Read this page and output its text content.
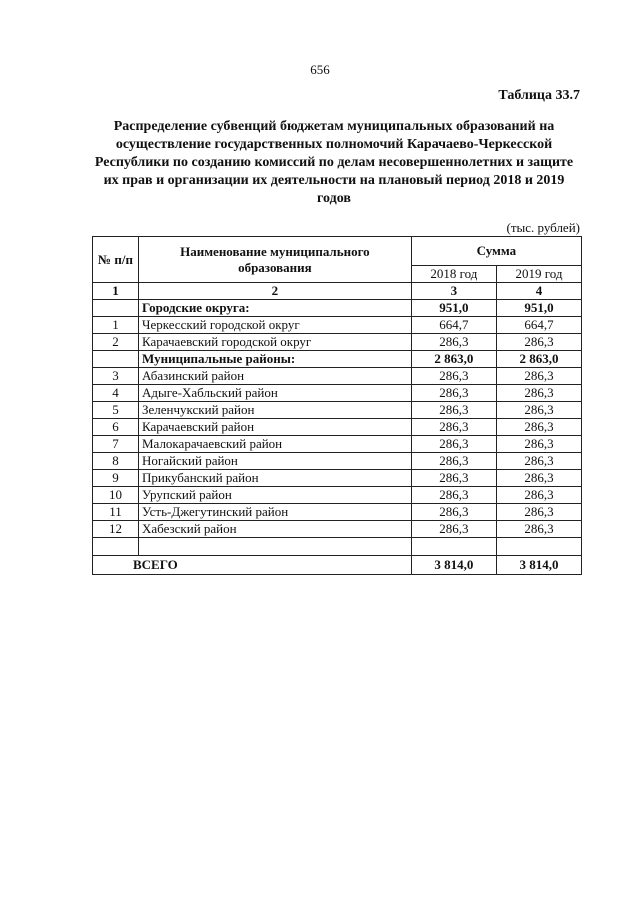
656
Таблица 33.7
Распределение субвенций бюджетам муниципальных образований на осуществление государственных полномочий Карачаево-Черкесской Республики по созданию комиссий по делам несовершеннолетних и защите их прав и организации их деятельности на плановый период 2018 и 2019 годов
(тыс. рублей)
№ п/п	Наименование муниципального образования	Сумма	
		2018 год	2019 год
1	2	3	4
	Городские округа:	951,0	951,0
1	Черкесский городской округ	664,7	664,7
2	Карачаевский городской округ	286,3	286,3
	Муниципальные районы:	2 863,0	2 863,0
3	Абазинский район	286,3	286,3
4	Адыге-Хабльский район	286,3	286,3
5	Зеленчукский район	286,3	286,3
6	Карачаевский район	286,3	286,3
7	Малокарачаевский район	286,3	286,3
8	Ногайский район	286,3	286,3
9	Прикубанский район	286,3	286,3
10	Урупский район	286,3	286,3
11	Усть-Джегутинский район	286,3	286,3
12	Хабезский район	286,3	286,3

ВСЕГО		3 814,0	3 814,0
